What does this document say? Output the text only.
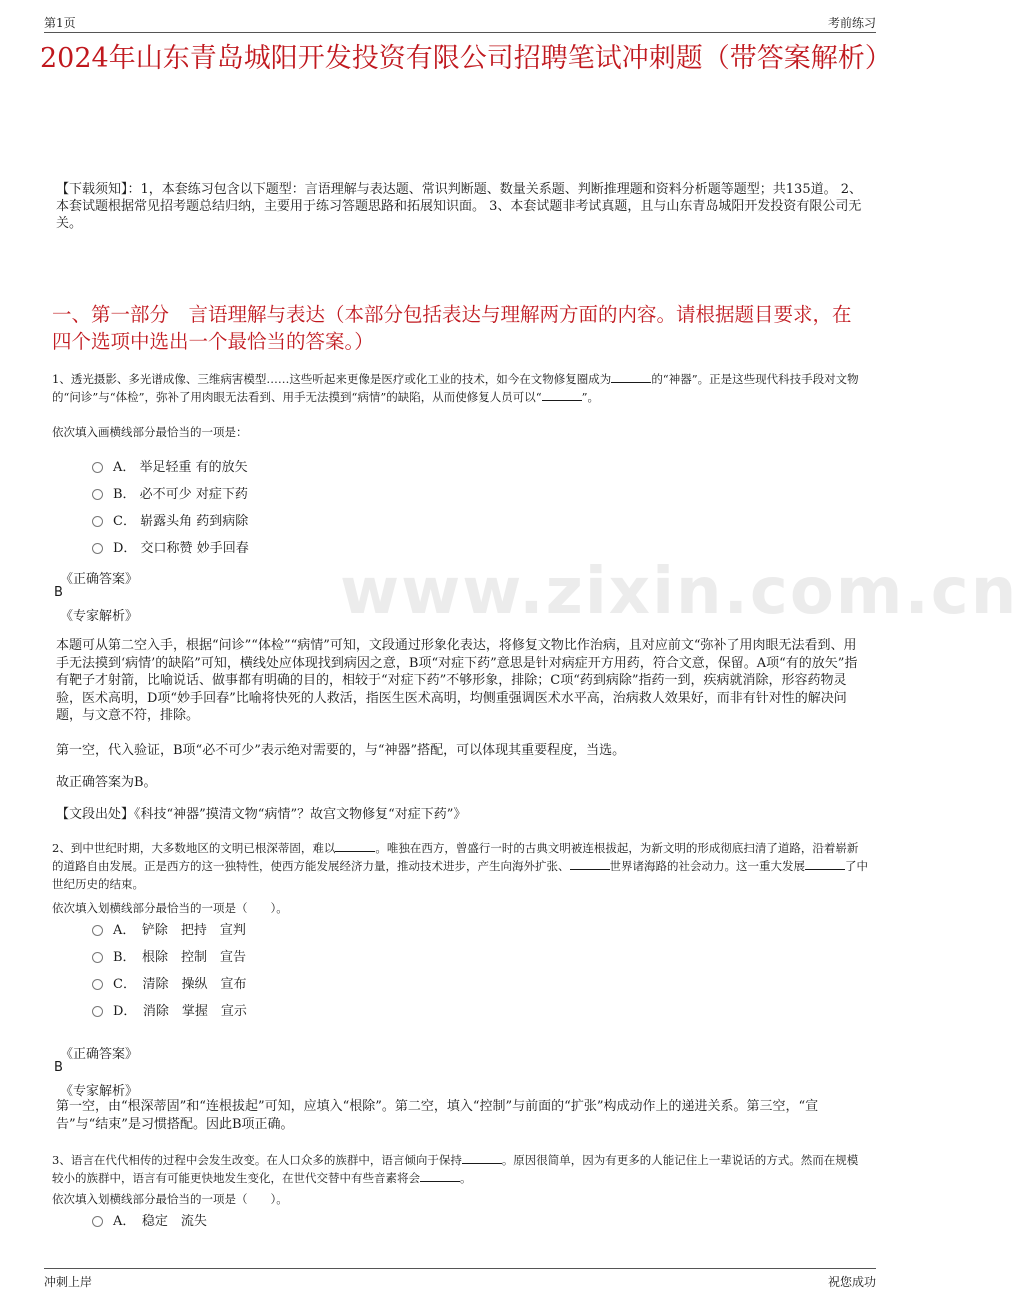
第1页	考前练习
www.zixin.com.cn
2024年山东青岛城阳开发投资有限公司招聘笔试冲刺题（带答案解析）
【下载须知】：1，本套练习包含以下题型：言语理解与表达题、常识判断题、数量关系题、判断推理题和资料分析题等题型；共135道。 2、本套试题根据常见招考题总结归纳，主要用于练习答题思路和拓展知识面。 3、本套试题非考试真题，且与山东青岛城阳开发投资有限公司无关。
一、第一部分　言语理解与表达（本部分包括表达与理解两方面的内容。请根据题目要求，在四个选项中选出一个最恰当的答案。）
1、透光摄影、多光谱成像、三维病害模型……这些听起来更像是医疗或化工业的技术，如今在文物修复圈成为	的“神器”。正是这些现代科技手段对文物的“问诊”与“体检”，弥补了用肉眼无法看到、用手无法摸到“病情”的缺陷，从而使修复人员可以“	”。
依次填入画横线部分最恰当的一项是：
A． 举足轻重 有的放矢
B． 必不可少 对症下药
C． 崭露头角 药到病除
D． 交口称赞 妙手回春
《正确答案》
B
《专家解析》
本题可从第二空入手，根据“问诊”“体检”“病情”可知，文段通过形象化表达，将修复文物比作治病，且对应前文“弥补了用肉眼无法看到、用手无法摸到‘病情’的缺陷”可知，横线处应体现找到病因之意，B项“对症下药”意思是针对病症开方用药，符合文意，保留。A项“有的放矢”指有靶子才射箭，比喻说话、做事都有明确的目的，相较于“对症下药”不够形象，排除；C项“药到病除”指药一到，疾病就消除，形容药物灵验，医术高明，D项“妙手回春”比喻将快死的人救活，指医生医术高明，均侧重强调医术水平高，治病救人效果好，而非有针对性的解决问题，与文意不符，排除。
第一空，代入验证，B项“必不可少”表示绝对需要的，与“神器”搭配，可以体现其重要程度，当选。
故正确答案为B。
【文段出处】《科技“神器”摸清文物“病情”？故宫文物修复“对症下药”》
2、到中世纪时期，大多数地区的文明已根深蒂固，难以	。唯独在西方，曾盛行一时的古典文明被连根拔起，为新文明的形成彻底扫清了道路，沿着崭新的道路自由发展。正是西方的这一独特性，使西方能发展经济力量，推动技术进步，产生向海外扩张、	世界诸海路的社会动力。这一重大发展	了中世纪历史的结束。
依次填入划横线部分最恰当的一项是（　　）。
A．　铲除　把持　宣判
B．　根除　控制　宣告
C．　清除　操纵　宣布
D．　消除　掌握　宣示
《正确答案》
B
《专家解析》
第一空，由“根深蒂固”和“连根拔起”可知，应填入“根除”。第二空，填入“控制”与前面的“扩张”构成动作上的递进关系。第三空，“宣告”与“结束”是习惯搭配。因此B项正确。
3、语言在代代相传的过程中会发生改变。在人口众多的族群中，语言倾向于保持	。原因很简单，因为有更多的人能记住上一辈说话的方式。然而在规模较小的族群中，语言有可能更快地发生变化，在世代交替中有些音素将会	。
依次填入划横线部分最恰当的一项是（　　）。
A．　稳定　流失
冲刺上岸	祝您成功
